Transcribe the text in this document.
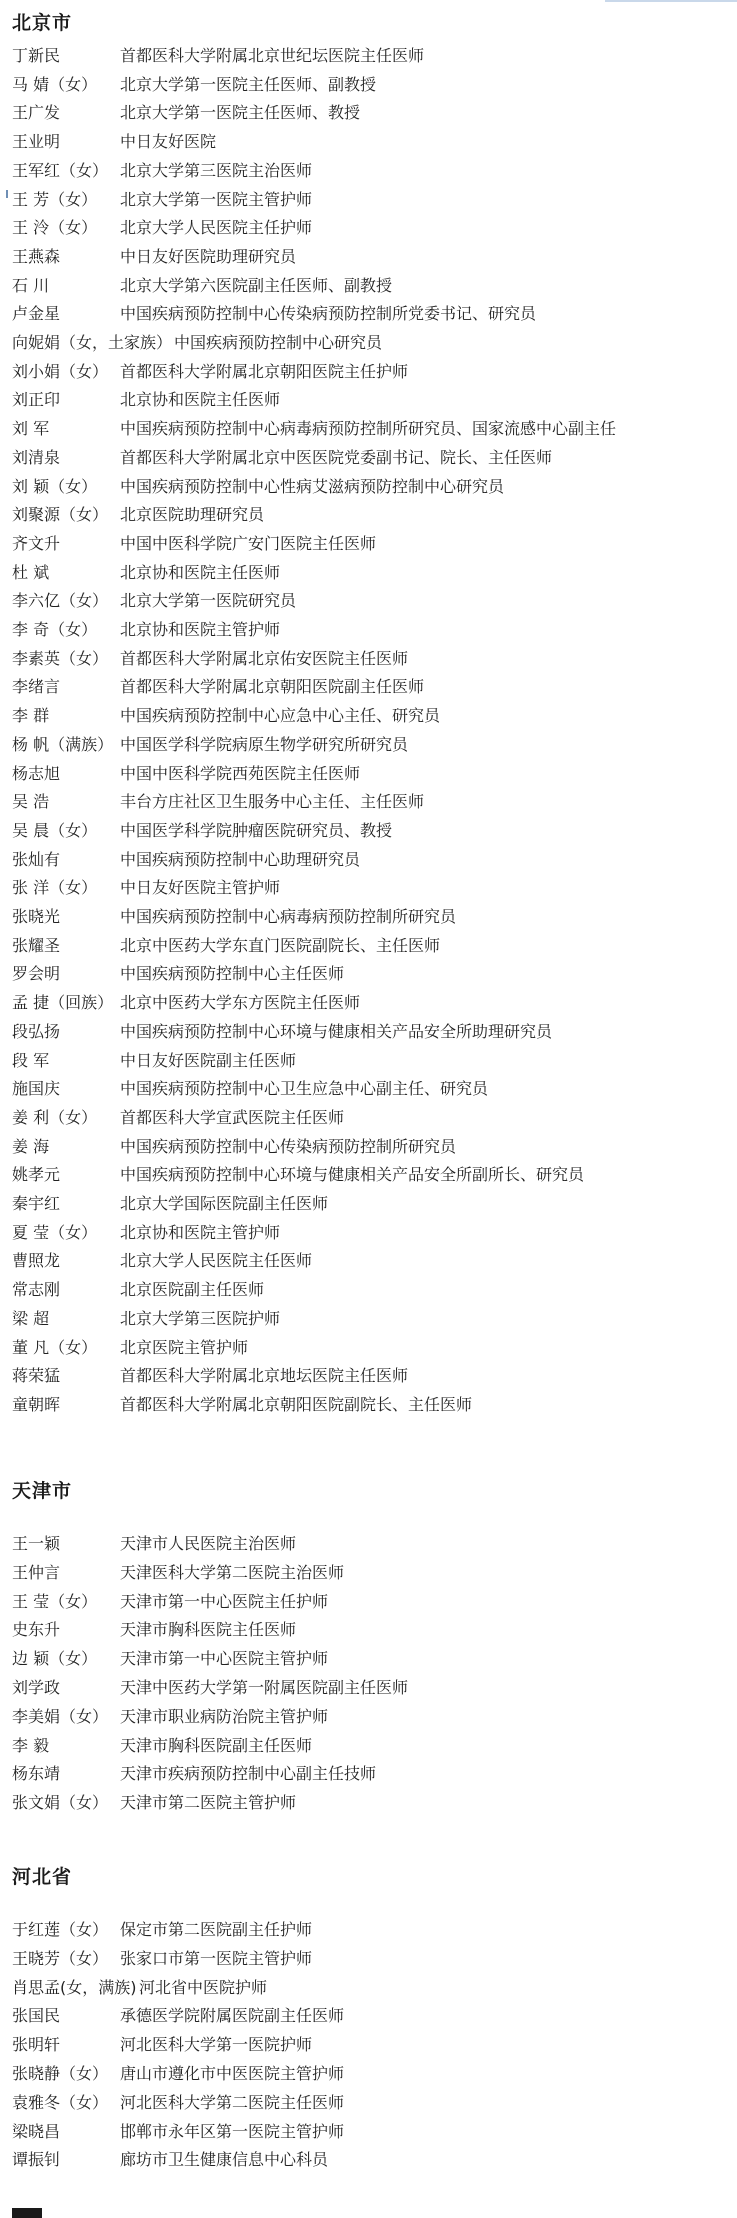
北京市
丁新民	首都医科大学附属北京世纪坛医院主任医师
马 婧（女） 北京大学第一医院主任医师、副教授
王广发	北京大学第一医院主任医师、教授
王业明	中日友好医院
王军红（女） 北京大学第三医院主治医师
王 芳（女） 北京大学第一医院主管护师
王 泠（女） 北京大学人民医院主任护师
王燕森	中日友好医院助理研究员
石 川	北京大学第六医院副主任医师、副教授
卢金星	中国疾病预防控制中心传染病预防控制所党委书记、研究员
向妮娟（女，土家族） 中国疾病预防控制中心研究员
刘小娟（女） 首都医科大学附属北京朝阳医院主任护师
刘正印	北京协和医院主任医师
刘 军	中国疾病预防控制中心病毒病预防控制所研究员、国家流感中心副主任
刘清泉	首都医科大学附属北京中医医院党委副书记、院长、主任医师
刘 颖（女） 中国疾病预防控制中心性病艾滋病预防控制中心研究员
刘聚源（女） 北京医院助理研究员
齐文升	中国中医科学院广安门医院主任医师
杜 斌	北京协和医院主任医师
李六亿（女） 北京大学第一医院研究员
李 奇（女） 北京协和医院主管护师
李素英（女） 首都医科大学附属北京佑安医院主任医师
李绪言	首都医科大学附属北京朝阳医院副主任医师
李 群	中国疾病预防控制中心应急中心主任、研究员
杨 帆（满族） 中国医学科学院病原生物学研究所研究员
杨志旭	中国中医科学院西苑医院主任医师
吴 浩	丰台方庄社区卫生服务中心主任、主任医师
吴 晨（女） 中国医学科学院肿瘤医院研究员、教授
张灿有	中国疾病预防控制中心助理研究员
张 洋（女） 中日友好医院主管护师
张晓光	中国疾病预防控制中心病毒病预防控制所研究员
张耀圣	北京中医药大学东直门医院副院长、主任医师
罗会明	中国疾病预防控制中心主任医师
孟 捷（回族） 北京中医药大学东方医院主任医师
段弘扬	中国疾病预防控制中心环境与健康相关产品安全所助理研究员
段 军	中日友好医院副主任医师
施国庆	中国疾病预防控制中心卫生应急中心副主任、研究员
姜 利（女） 首都医科大学宣武医院主任医师
姜 海	中国疾病预防控制中心传染病预防控制所研究员
姚孝元	中国疾病预防控制中心环境与健康相关产品安全所副所长、研究员
秦宇红	北京大学国际医院副主任医师
夏 莹（女） 北京协和医院主管护师
曹照龙	北京大学人民医院主任医师
常志刚	北京医院副主任医师
梁 超	北京大学第三医院护师
董 凡（女） 北京医院主管护师
蒋荣猛	首都医科大学附属北京地坛医院主任医师
童朝晖	首都医科大学附属北京朝阳医院副院长、主任医师
天津市
王一颖	天津市人民医院主治医师
王仲言	天津医科大学第二医院主治医师
王 莹（女） 天津市第一中心医院主任护师
史东升	天津市胸科医院主任医师
边 颖（女） 天津市第一中心医院主管护师
刘学政	天津中医药大学第一附属医院副主任医师
李美娟（女） 天津市职业病防治院主管护师
李 毅	天津市胸科医院副主任医师
杨东靖	天津市疾病预防控制中心副主任技师
张文娟（女） 天津市第二医院主管护师
河北省
于红莲（女） 保定市第二医院副主任护师
王晓芳（女） 张家口市第一医院主管护师
肖思孟(女，满族) 河北省中医院护师
张国民	承德医学院附属医院副主任医师
张明轩	河北医科大学第一医院护师
张晓静（女） 唐山市遵化市中医医院主管护师
袁雅冬（女） 河北医科大学第二医院主任医师
梁晓昌	邯郸市永年区第一医院主管护师
谭振钊	廊坊市卫生健康信息中心科员
